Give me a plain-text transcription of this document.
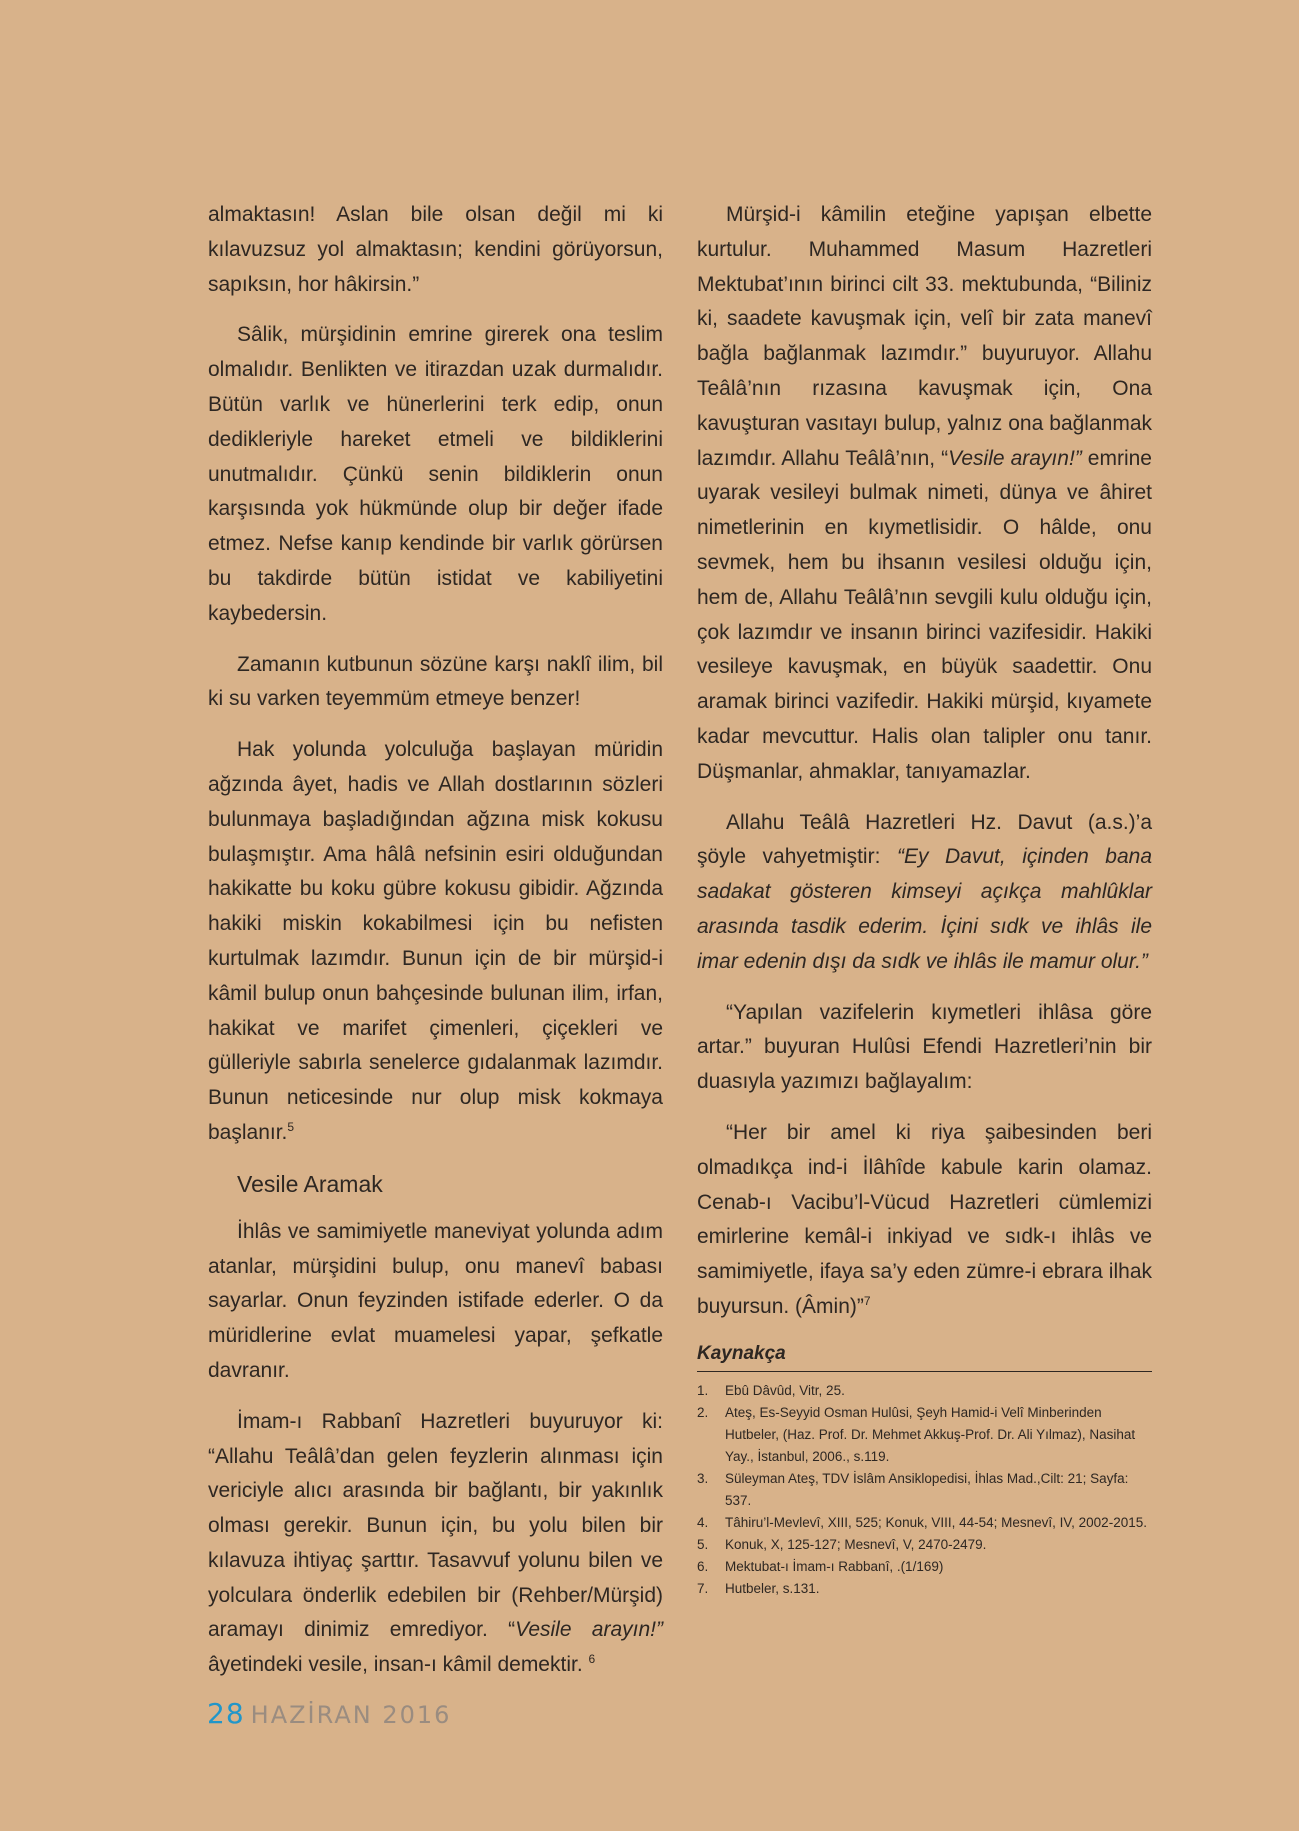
almaktasın! Aslan bile olsan değil mi ki kılavuzsuz yol almaktasın; kendini görüyorsun, sapıksın, hor hâkirsin.”

Sâlik, mürşidinin emrine girerek ona teslim olmalıdır. Benlikten ve itirazdan uzak durmalıdır. Bütün varlık ve hünerlerini terk edip, onun dedikleriyle hareket etmeli ve bildiklerini unutmalıdır. Çünkü senin bildiklerin onun karşısında yok hükmünde olup bir değer ifade etmez. Nefse kanıp kendinde bir varlık görürsen bu takdirde bütün istidat ve kabiliyetini kaybedersin.

Zamanın kutbunun sözüne karşı naklî ilim, bil ki su varken teyemmüm etmeye benzer!

Hak yolunda yolculuğa başlayan müridin ağzında âyet, hadis ve Allah dostlarının sözleri bulunmaya başladığından ağzına misk kokusu bulaşmıştır. Ama hâlâ nefsinin esiri olduğundan hakikatte bu koku gübre kokusu gibidir. Ağzında hakiki miskin kokabilmesi için bu nefisten kurtulmak lazımdır. Bunun için de bir mürşid-i kâmil bulup onun bahçesinde bulunan ilim, irfan, hakikat ve marifet çimenleri, çiçekleri ve gülleriyle sabırla senelerce gıdalanmak lazımdır. Bunun neticesinde nur olup misk kokmaya başlanır.$^5$

Vesile Aramak

İhlâs ve samimiyetle maneviyat yolunda adım atanlar, mürşidini bulup, onu manevî babası sayarlar. Onun feyzinden istifade ederler. O da müridlerine evlat muamelesi yapar, şefkatle davranır.

İmam-ı Rabbanî Hazretleri buyuruyor ki: “Allahu Teâlâ’dan gelen feyzlerin alınması için vericiyle alıcı arasında bir bağlantı, bir yakınlık olması gerekir. Bunun için, bu yolu bilen bir kılavuza ihtiyaç şarttır. Tasavvuf yolunu bilen ve yolculara önderlik edebilen bir (Rehber/Mürşid) aramayı dinimiz emrediyor. “Vesile arayın!” âyetindeki vesile, insan-ı kâmil demektir. $^6$

Mürşid-i kâmilin eteğine yapışan elbette kurtulur. Muhammed Masum Hazretleri Mektubat’ının birinci cilt 33. mektubunda, “Biliniz ki, saadete kavuşmak için, velî bir zata manevî bağla bağlanmak lazımdır.” buyuruyor. Allahu Teâlâ’nın rızasına kavuşmak için, Ona kavuşturan vasıtayı bulup, yalnız ona bağlanmak lazımdır. Allahu Teâlâ’nın, “Vesile arayın!” emrine uyarak vesileyi bulmak nimeti, dünya ve âhiret nimetlerinin en kıymetlisidir. O hâlde, onu sevmek, hem bu ihsanın vesilesi olduğu için, hem de, Allahu Teâlâ’nın sevgili kulu olduğu için, çok lazımdır ve insanın birinci vazifesidir. Hakiki vesileye kavuşmak, en büyük saadettir. Onu aramak birinci vazifedir. Hakiki mürşid, kıyamete kadar mevcuttur. Halis olan talipler onu tanır. Düşmanlar, ahmaklar, tanıyamazlar.

Allahu Teâlâ Hazretleri Hz. Davut (a.s.)’a şöyle vahyetmiştir: “Ey Davut, içinden bana sadakat gösteren kimseyi açıkça mahlûklar arasında tasdik ederim. İçini sıdk ve ihlâs ile imar edenin dışı da sıdk ve ihlâs ile mamur olur.”

“Yapılan vazifelerin kıymetleri ihlâsa göre artar.” buyuran Hulûsi Efendi Hazretleri’nin bir duasıyla yazımızı bağlayalım:

“Her bir amel ki riya şaibesinden beri olmadıkça ind-i İlâhîde kabule karin olamaz. Cenab-ı Vacibu’l-Vücud Hazretleri cümlemizi emirlerine kemâl-i inkiyad ve sıdk-ı ihlâs ve samimiyetle, ifaya sa’y eden zümre-i ebrara ilhak buyursun. (Âmin)”$^7$

Kaynakça
1. Ebû Dâvûd, Vitr, 25.
2. Ateş, Es-Seyyid Osman Hulûsi, Şeyh Hamid-i Velî Minberinden Hutbeler, (Haz. Prof. Dr. Mehmet Akkuş-Prof. Dr. Ali Yılmaz), Nasihat Yay., İstanbul, 2006., s.119.
3. Süleyman Ateş, TDV İslâm Ansiklopedisi, İhlas Mad.,Cilt: 21; Sayfa: 537.
4. Tâhiru’l-Mevlevî, XIII, 525; Konuk, VIII, 44-54; Mesnevî, IV, 2002-2015.
5. Konuk, X, 125-127; Mesnevî, V, 2470-2479.
6. Mektubat-ı İmam-ı Rabbanî, .(1/169)
7. Hutbeler, s.131.
28 HAZİRAN 2016
